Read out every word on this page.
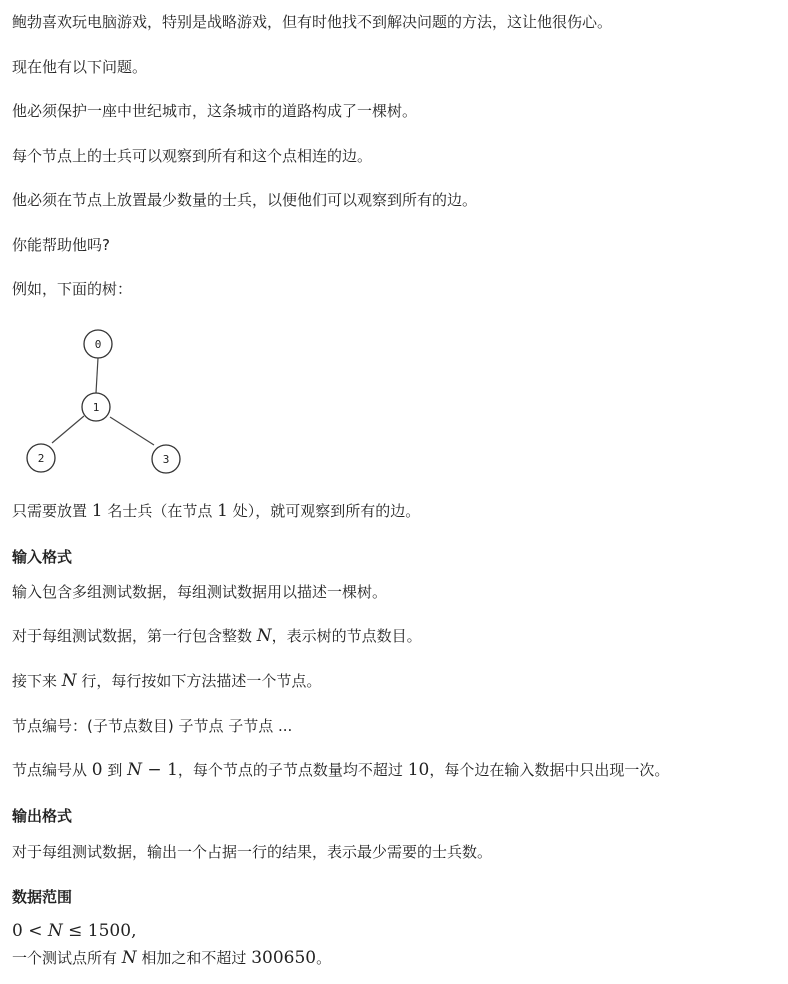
鲍勃喜欢玩电脑游戏，特别是战略游戏，但有时他找不到解决问题的方法，这让他很伤心。
现在他有以下问题。
他必须保护一座中世纪城市，这条城市的道路构成了一棵树。
每个节点上的士兵可以观察到所有和这个点相连的边。
他必须在节点上放置最少数量的士兵，以便他们可以观察到所有的边。
你能帮助他吗?
例如，下面的树：
0
1
2	3
只需要放置 1 名士兵（在节点 1 处），就可观察到所有的边。
输入格式
输入包含多组测试数据，每组测试数据用以描述一棵树。
对于每组测试数据，第一行包含整数 N，表示树的节点数目。
接下来 N 行，每行按如下方法描述一个节点。
节点编号：(子节点数目) 子节点 子节点 ...
节点编号从 0 到 N − 1，每个节点的子节点数量均不超过 10，每个边在输入数据中只出现一次。
输出格式
对于每组测试数据，输出一个占据一行的结果，表示最少需要的士兵数。
数据范围
0 < N ≤ 1500,
一个测试点所有 N 相加之和不超过 300650。
